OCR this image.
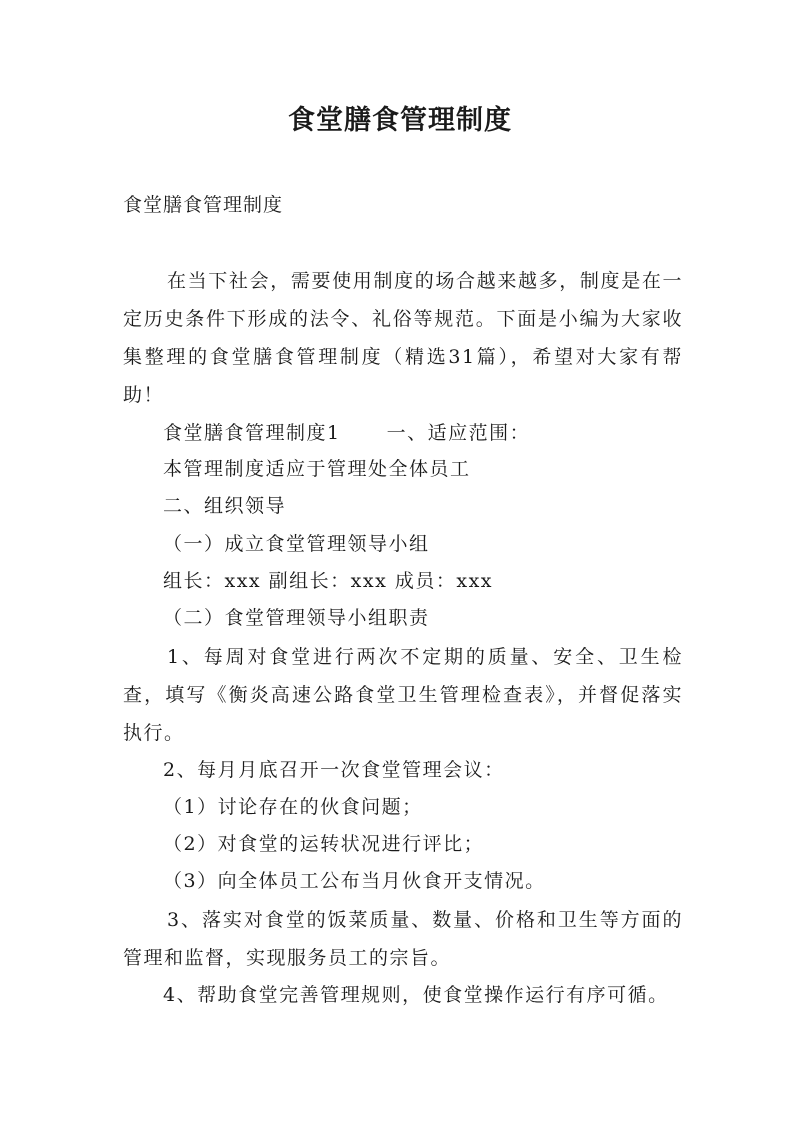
食堂膳食管理制度

食堂膳食管理制度

在当下社会，需要使用制度的场合越来越多，制度是在一定历史条件下形成的法令、礼俗等规范。下面是小编为大家收集整理的食堂膳食管理制度（精选31篇），希望对大家有帮助！

食堂膳食管理制度1 一、适应范围：

本管理制度适应于管理处全体员工

二、组织领导

（一）成立食堂管理领导小组

组长：xxx 副组长：xxx 成员：xxx

（二）食堂管理领导小组职责

1、每周对食堂进行两次不定期的质量、安全、卫生检查，填写《衡炎高速公路食堂卫生管理检查表》，并督促落实执行。

2、每月月底召开一次食堂管理会议：

（1）讨论存在的伙食问题；

（2）对食堂的运转状况进行评比；

（3）向全体员工公布当月伙食开支情况。

3、落实对食堂的饭菜质量、数量、价格和卫生等方面的管理和监督，实现服务员工的宗旨。

4、帮助食堂完善管理规则，使食堂操作运行有序可循。
